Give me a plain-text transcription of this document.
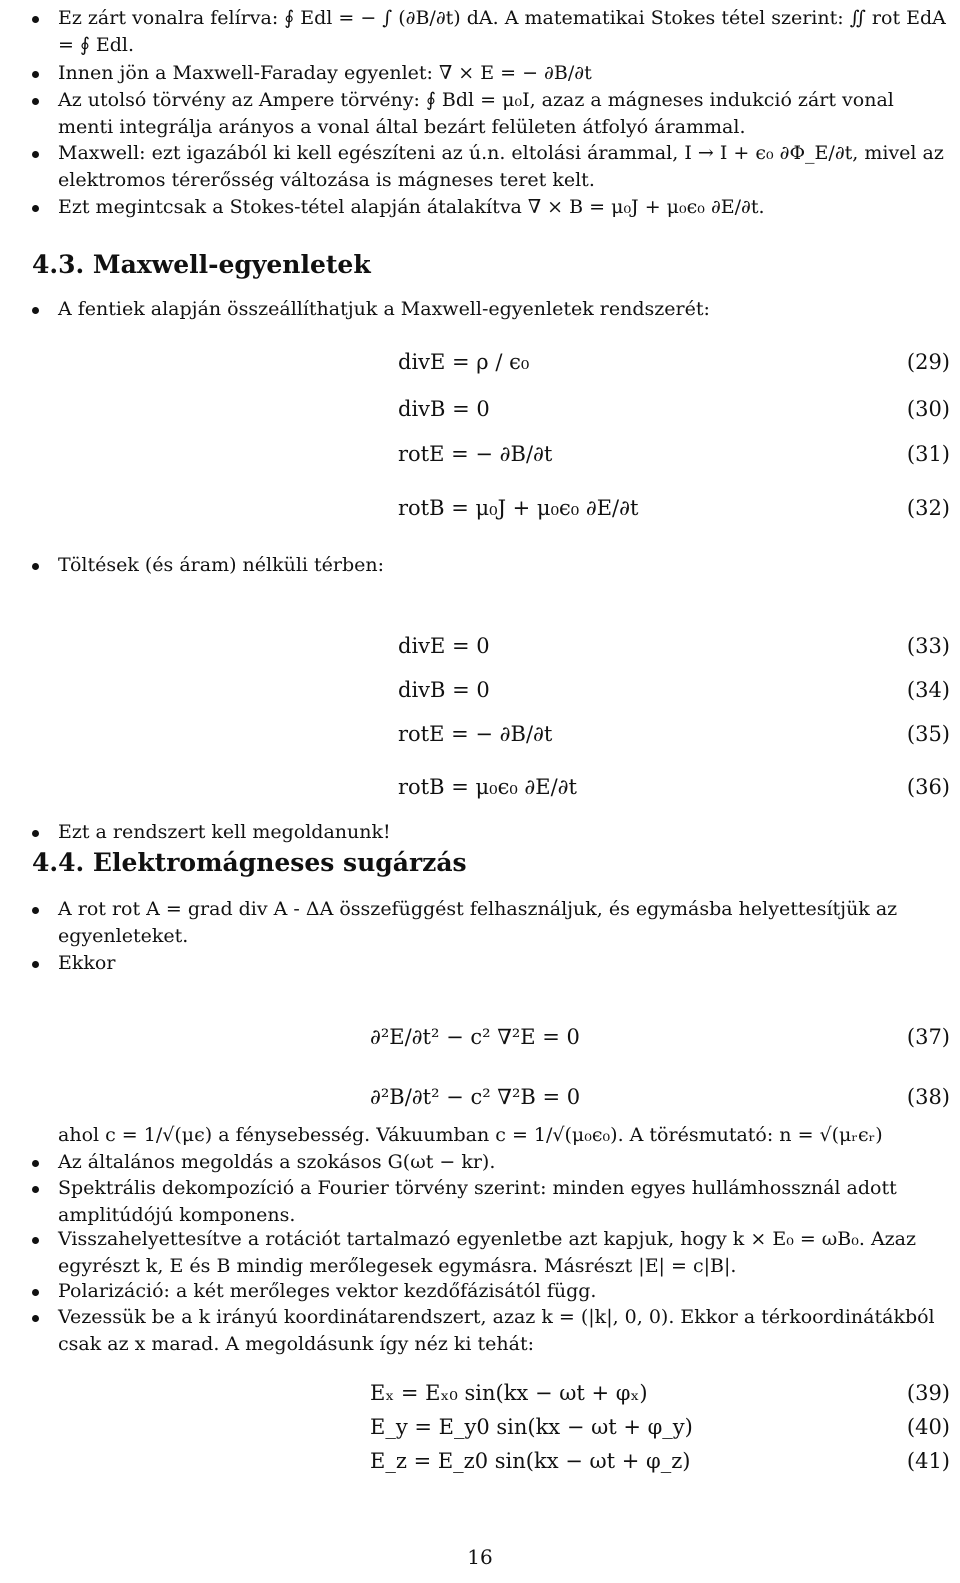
Ez zárt vonalra felírva: ∮ Edl = − ∫ (∂B/∂t) dA. A matematikai Stokes tétel szerint: ∬ rot EdA = ∮ Edl.
Innen jön a Maxwell-Faraday egyenlet: ∇ × E = − ∂B/∂t
Az utolsó törvény az Ampere törvény: ∮ Bdl = μ₀I, azaz a mágneses indukció zárt vonal menti integrálja arányos a vonal által bezárt felületen átfolyó árammal.
Maxwell: ezt igazából ki kell egészíteni az ú.n. eltolási árammal, I → I + ϵ₀ ∂Φ_E/∂t, mivel az elektromos térerősség változása is mágneses teret kelt.
Ezt megintcsak a Stokes-tétel alapján átalakítva ∇ × B = μ₀J + μ₀ϵ₀ ∂E/∂t.
4.3. Maxwell-egyenletek
A fentiek alapján összeállíthatjuk a Maxwell-egyenletek rendszerét:
divE = ρ / ϵ₀	(29)
divB = 0	(30)
rotE = − ∂B/∂t	(31)
rotB = μ₀J + μ₀ϵ₀ ∂E/∂t	(32)
Töltések (és áram) nélküli térben:
divE = 0	(33)
divB = 0	(34)
rotE = − ∂B/∂t	(35)
rotB = μ₀ϵ₀ ∂E/∂t	(36)
Ezt a rendszert kell megoldanunk!
4.4. Elektromágneses sugárzás
A rot rot A = grad div A - ΔA összefüggést felhasználjuk, és egymásba helyettesítjük az egyenleteket.
Ekkor
∂²E/∂t² − c² ∇²E = 0	(37)
∂²B/∂t² − c² ∇²B = 0	(38)
ahol c = 1/√(μϵ) a fénysebesség. Vákuumban c = 1/√(μ₀ϵ₀). A törésmutató: n = √(μᵣϵᵣ)
Az általános megoldás a szokásos G(ωt − kr).
Spektrális dekompozíció a Fourier törvény szerint: minden egyes hullámhossznál adott amplitúdójú komponens.
Visszahelyettesítve a rotációt tartalmazó egyenletbe azt kapjuk, hogy k × E₀ = ωB₀. Azaz egyrészt k, E és B mindig merőlegesek egymásra. Másrészt |E| = c|B|.
Polarizáció: a két merőleges vektor kezdőfázisától függ.
Vezessük be a k irányú koordinátarendszert, azaz k = (|k|, 0, 0). Ekkor a térkoordinátákból csak az x marad. A megoldásunk így néz ki tehát:
Eₓ = Eₓ₀ sin(kx − ωt + φₓ)	(39)
E_y = E_y0 sin(kx − ωt + φ_y)	(40)
E_z = E_z0 sin(kx − ωt + φ_z)	(41)
16
